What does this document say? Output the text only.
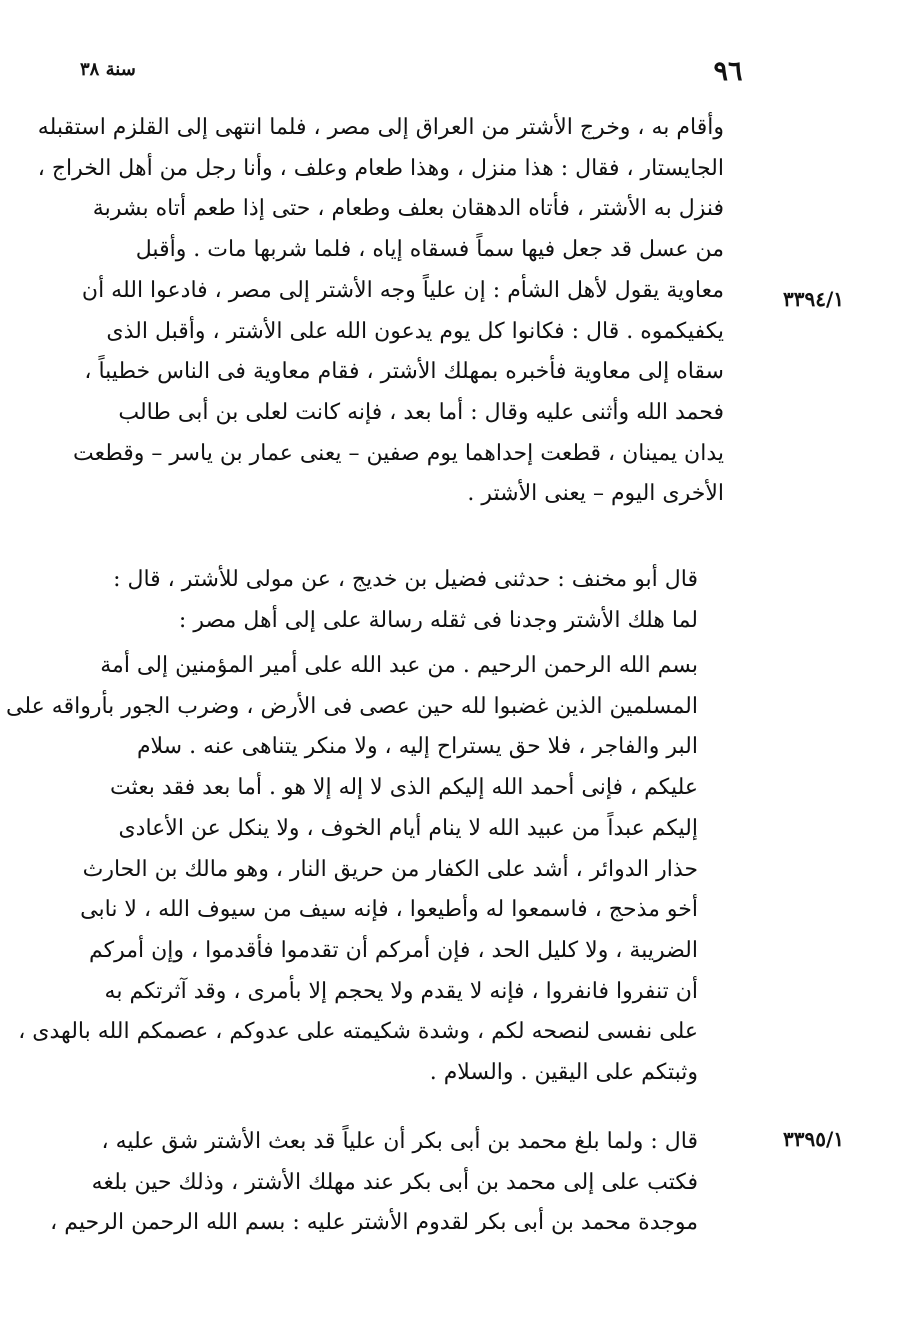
٩٦
سنة ٣٨
٣٣٩٤/١
٣٣٩٥/١
وأقام به ، وخرج الأشتر من العراق إلى مصر ، فلما انتهى إلى القلزم استقبله
الجايستار ، فقال : هذا منزل ، وهذا طعام وعلف ، وأنا رجل من أهل الخراج ،
فنزل به الأشتر ، فأتاه الدهقان بعلف وطعام ، حتى إذا طعم أتاه بشربة
من عسل قد جعل فيها سماً فسقاه إياه ، فلما شربها مات . وأقبل
معاوية يقول لأهل الشأم : إن علياً وجه الأشتر إلى مصر ، فادعوا الله أن
يكفيكموه . قال : فكانوا كل يوم يدعون الله على الأشتر ، وأقبل الذى
سقاه إلى معاوية فأخبره بمهلك الأشتر ، فقام معاوية فى الناس خطيباً ،
فحمد الله وأثنى عليه وقال : أما بعد ، فإنه كانت لعلى بن أبى طالب
يدان يمينان ، قطعت إحداهما يوم صفين – يعنى عمار بن ياسر – وقطعت
الأخرى اليوم – يعنى الأشتر .
قال أبو مخنف : حدثنى فضيل بن خديج ، عن مولى للأشتر ، قال :
لما هلك الأشتر وجدنا فى ثقله رسالة على إلى أهل مصر :
بسم الله الرحمن الرحيم . من عبد الله على أمير المؤمنين إلى أمة
المسلمين الذين غضبوا لله حين عصى فى الأرض ، وضرب الجور بأرواقه على
البر والفاجر ، فلا حق يستراح إليه ، ولا منكر يتناهى عنه . سلام
عليكم ، فإنى أحمد الله إليكم الذى لا إله إلا هو . أما بعد فقد بعثت
إليكم عبداً من عبيد الله لا ينام أيام الخوف ، ولا ينكل عن الأعادى
حذار الدوائر ، أشد على الكفار من حريق النار ، وهو مالك بن الحارث
أخو مذحج ، فاسمعوا له وأطيعوا ، فإنه سيف من سيوف الله ، لا نابى
الضريبة ، ولا كليل الحد ، فإن أمركم أن تقدموا فأقدموا ، وإن أمركم
أن تنفروا فانفروا ، فإنه لا يقدم ولا يحجم إلا بأمرى ، وقد آثرتكم به
على نفسى لنصحه لكم ، وشدة شكيمته على عدوكم ، عصمكم الله بالهدى ،
وثبتكم على اليقين . والسلام .
قال : ولما بلغ محمد بن أبى بكر أن علياً قد بعث الأشتر شق عليه ،
فكتب على إلى محمد بن أبى بكر عند مهلك الأشتر ، وذلك حين بلغه
موجدة محمد بن أبى بكر لقدوم الأشتر عليه : بسم الله الرحمن الرحيم ،
